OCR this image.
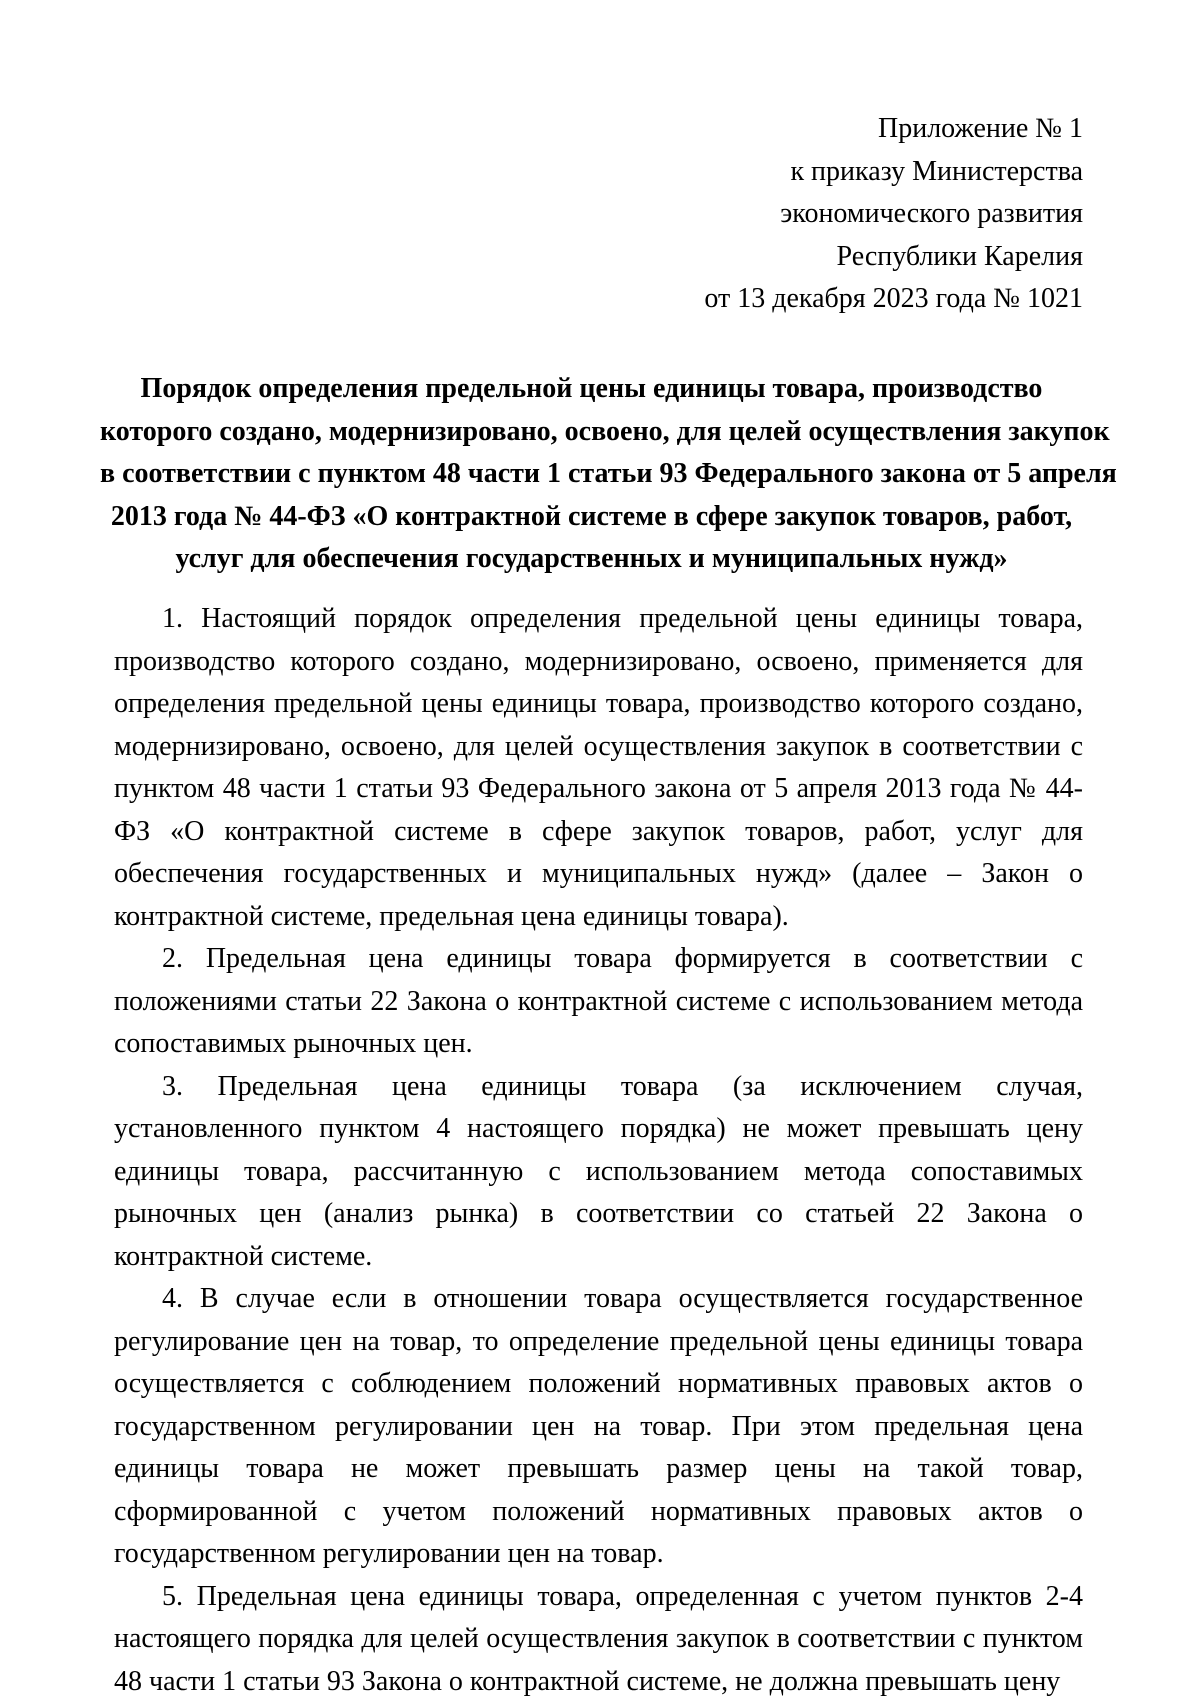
Приложение № 1
к приказу Министерства
экономического развития
Республики Карелия
от 13 декабря 2023 года № 1021
Порядок определения предельной цены единицы товара, производство
которого создано, модернизировано, освоено, для целей осуществления закупок
в соответствии с пунктом 48 части 1 статьи 93 Федерального закона от 5 апреля
2013 года № 44-ФЗ «О контрактной системе в сфере закупок товаров, работ,
услуг для обеспечения государственных и муниципальных нужд»

1. Настоящий порядок определения предельной цены единицы товара, производство которого создано, модернизировано, освоено, применяется для определения предельной цены единицы товара, производство которого создано, модернизировано, освоено, для целей осуществления закупок в соответствии с пунктом 48 части 1 статьи 93 Федерального закона от 5 апреля 2013 года № 44-ФЗ «О контрактной системе в сфере закупок товаров, работ, услуг для обеспечения государственных и муниципальных нужд» (далее – Закон о контрактной системе, предельная цена единицы товара).

2. Предельная цена единицы товара формируется в соответствии с положениями статьи 22 Закона о контрактной системе с использованием метода сопоставимых рыночных цен.

3. Предельная цена единицы товара (за исключением случая, установленного пунктом 4 настоящего порядка) не может превышать цену единицы товара, рассчитанную с использованием метода сопоставимых рыночных цен (анализ рынка) в соответствии со статьей 22 Закона о контрактной системе.

4. В случае если в отношении товара осуществляется государственное регулирование цен на товар, то определение предельной цены единицы товара осуществляется с соблюдением положений нормативных правовых актов о государственном регулировании цен на товар. При этом предельная цена единицы товара не может превышать размер цены на такой товар, сформированной с учетом положений нормативных правовых актов о государственном регулировании цен на товар.

5. Предельная цена единицы товара, определенная с учетом пунктов 2-4 настоящего порядка для целей осуществления закупок в соответствии с пунктом 48 части 1 статьи 93 Закона о контрактной системе, не должна превышать цену
